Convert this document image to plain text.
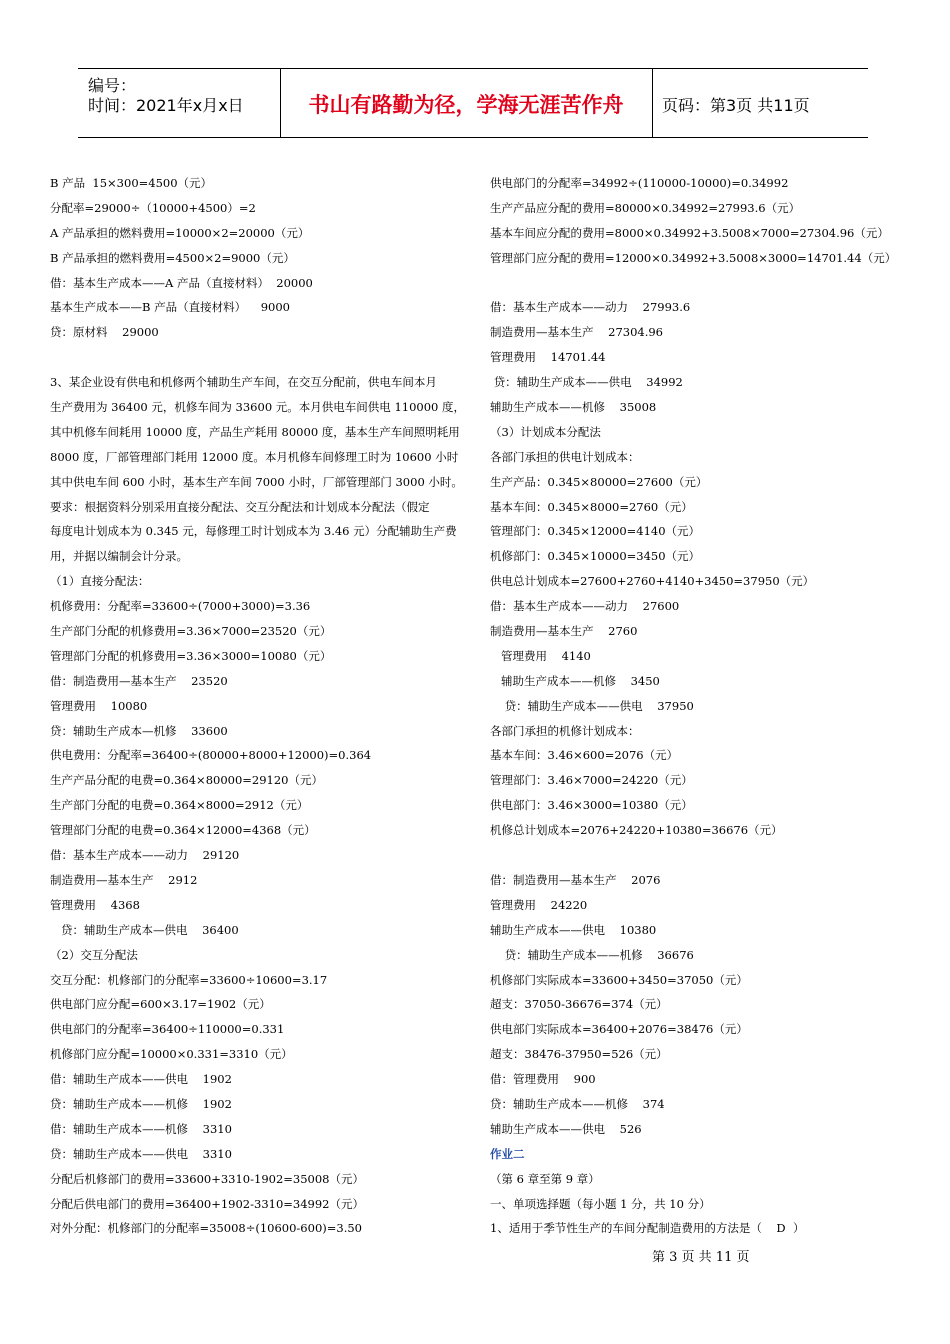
编号：
时间：2021年x月x日	书山有路勤为径，学海无涯苦作舟	页码：第3页 共11页
B 产品  15×300=4500（元）
分配率=29000÷（10000+4500）=2
A 产品承担的燃料费用=10000×2=20000（元）
B 产品承担的燃料费用=4500×2=9000（元）
借：基本生产成本——A 产品（直接材料）  20000
基本生产成本——B 产品（直接材料）    9000
贷：原材料    29000
3、某企业设有供电和机修两个辅助生产车间，在交互分配前，供电车间本月
生产费用为 36400 元，机修车间为 33600 元。本月供电车间供电 110000 度，
其中机修车间耗用 10000 度，产品生产耗用 80000 度，基本生产车间照明耗用
8000 度，厂部管理部门耗用 12000 度。本月机修车间修理工时为 10600 小时
其中供电车间 600 小时，基本生产车间 7000 小时，厂部管理部门 3000 小时。
要求：根据资料分别采用直接分配法、交互分配法和计划成本分配法（假定
每度电计划成本为 0.345 元，每修理工时计划成本为 3.46 元）分配辅助生产费
用，并据以编制会计分录。
（1）直接分配法：
机修费用：分配率=33600÷(7000+3000)=3.36
生产部门分配的机修费用=3.36×7000=23520（元）
管理部门分配的机修费用=3.36×3000=10080（元）
借：制造费用—基本生产    23520
管理费用    10080
贷：辅助生产成本—机修    33600
供电费用：分配率=36400÷(80000+8000+12000)=0.364
生产产品分配的电费=0.364×80000=29120（元）
生产部门分配的电费=0.364×8000=2912（元）
管理部门分配的电费=0.364×12000=4368（元）
借：基本生产成本——动力    29120
制造费用—基本生产    2912
管理费用    4368
贷：辅助生产成本—供电    36400
（2）交互分配法
交互分配：机修部门的分配率=33600÷10600=3.17
供电部门应分配=600×3.17=1902（元）
供电部门的分配率=36400÷110000=0.331
机修部门应分配=10000×0.331=3310（元）
借：辅助生产成本——供电    1902
贷：辅助生产成本——机修    1902
借：辅助生产成本——机修    3310
贷：辅助生产成本——供电    3310
分配后机修部门的费用=33600+3310-1902=35008（元）
分配后供电部门的费用=36400+1902-3310=34992（元）
对外分配：机修部门的分配率=35008÷(10600-600)=3.50
供电部门的分配率=34992÷(110000-10000)=0.34992
生产产品应分配的费用=80000×0.34992=27993.6（元）
基本车间应分配的费用=8000×0.34992+3.5008×7000=27304.96（元）
管理部门应分配的费用=12000×0.34992+3.5008×3000=14701.44（元）
借：基本生产成本——动力    27993.6
制造费用—基本生产    27304.96
管理费用    14701.44
贷：辅助生产成本——供电    34992
辅助生产成本——机修    35008
（3）计划成本分配法
各部门承担的供电计划成本：
生产产品：0.345×80000=27600（元）
基本车间：0.345×8000=2760（元）
管理部门：0.345×12000=4140（元）
机修部门：0.345×10000=3450（元）
供电总计划成本=27600+2760+4140+3450=37950（元）
借：基本生产成本——动力    27600
制造费用—基本生产    2760
管理费用    4140
辅助生产成本——机修    3450
贷：辅助生产成本——供电    37950
各部门承担的机修计划成本：
基本车间：3.46×600=2076（元）
管理部门：3.46×7000=24220（元）
供电部门：3.46×3000=10380（元）
机修总计划成本=2076+24220+10380=36676（元）
借：制造费用—基本生产    2076
管理费用    24220
辅助生产成本——供电    10380
贷：辅助生产成本——机修    36676
机修部门实际成本=33600+3450=37050（元）
超支：37050-36676=374（元）
供电部门实际成本=36400+2076=38476（元）
超支：38476-37950=526（元）
借：管理费用    900
贷：辅助生产成本——机修    374
辅助生产成本——供电    526
作业二
（第 6 章至第 9 章）
一、单项选择题（每小题 1 分，共 10 分）
1、适用于季节性生产的车间分配制造费用的方法是（    D  ）
第 3 页 共 11 页
